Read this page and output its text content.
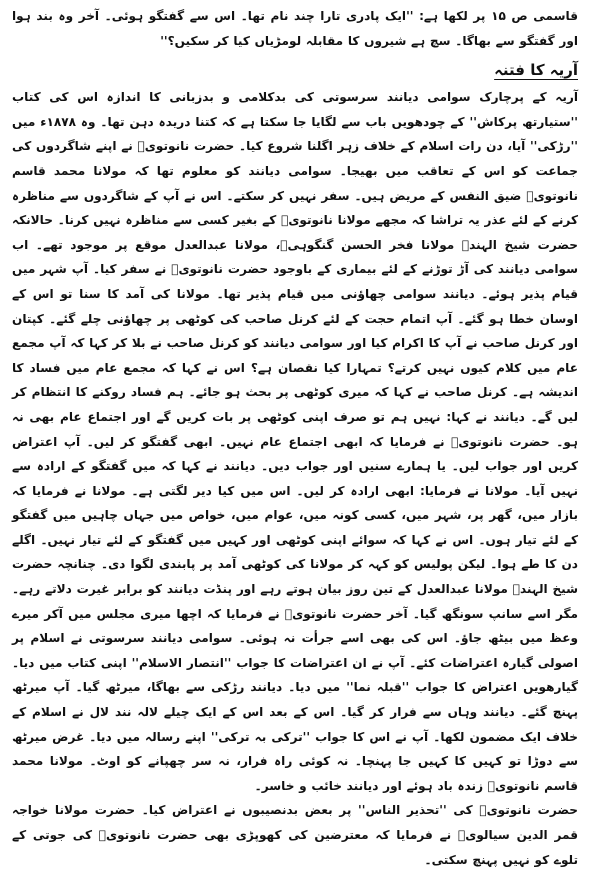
قاسمی ص ۱۵ پر لکھا ہے: ''ایک پادری تارا چند نام تھا۔ اس سے گفتگو ہوئی۔ آخر وہ بند ہوا اور گفتگو سے بھاگا۔ سچ ہے شیروں کا مقابلہ لومڑیاں کیا کر سکیں؟''

آریہ کا فتنہ

آریہ کے پرچارک سوامی دیانند سرسوتی کی بدکلامی و بدزبانی کا اندازہ اس کی کتاب ''ستیارتھ پرکاش'' کے چودھویں باب سے لگایا جا سکتا ہے کہ کتنا دریدہ دہن تھا۔ وہ ۱۸۷۸ء میں ''رڑکی'' آیا، دن رات اسلام کے خلاف زہر اگلنا شروع کیا۔ حضرت نانوتویؒ نے اپنے شاگردوں کی جماعت کو اس کے تعاقب میں بھیجا۔ سوامی دیانند کو معلوم تھا کہ مولانا محمد قاسم نانوتویؒ ضیق النفس کے مریض ہیں۔ سفر نہیں کر سکتے۔ اس نے آپ کے شاگردوں سے مناظرہ کرنے کے لئے عذر یہ تراشا کہ مجھے مولانا نانوتویؒ کے بغیر کسی سے مناظرہ نہیں کرنا۔ حالانکہ حضرت شیخ الہندؒ مولانا فخر الحسن گنگوہیؒ، مولانا عبدالعدل موقع پر موجود تھے۔ اب سوامی دیانند کی آڑ توڑنے کے لئے بیماری کے باوجود حضرت نانوتویؒ نے سفر کیا۔ آپ شہر میں قیام پذیر ہوئے۔ دیانند سوامی چھاؤنی میں قیام پذیر تھا۔ مولانا کی آمد کا سنا تو اس کے اوسان خطا ہو گئے۔ آپ اتمام حجت کے لئے کرنل صاحب کی کوٹھی پر چھاؤنی چلے گئے۔ کپتان اور کرنل صاحب نے آپ کا اکرام کیا اور سوامی دیانند کو کرنل صاحب نے بلا کر کہا کہ آپ مجمع عام میں کلام کیوں نہیں کرتے؟ تمہارا کیا نقصان ہے؟ اس نے کہا کہ مجمع عام میں فساد کا اندیشہ ہے۔ کرنل صاحب نے کہا کہ میری کوٹھی پر بحث ہو جائے۔ ہم فساد روکنے کا انتظام کر لیں گے۔ دیانند نے کہا: نہیں ہم تو صرف اپنی کوٹھی پر بات کریں گے اور اجتماع عام بھی نہ ہو۔ حضرت نانوتویؒ نے فرمایا کہ ابھی اجتماع عام نہیں۔ ابھی گفتگو کر لیں۔ آپ اعتراض کریں اور جواب لیں۔ یا ہمارے سنیں اور جواب دیں۔ دیانند نے کہا کہ میں گفتگو کے ارادہ سے نہیں آیا۔ مولانا نے فرمایا: ابھی ارادہ کر لیں۔ اس میں کیا دیر لگتی ہے۔ مولانا نے فرمایا کہ بازار میں، گھر پر، شہر میں، کسی کونہ میں، عوام میں، خواص میں جہاں چاہیں میں گفتگو کے لئے تیار ہوں۔ اس نے کہا کہ سوائے اپنی کوٹھی اور کہیں میں گفتگو کے لئے تیار نہیں۔ اگلے دن کا طے ہوا۔ لیکن پولیس کو کہہ کر مولانا کی کوٹھی آمد پر پابندی لگوا دی۔ چنانچہ حضرت شیخ الہندؒ مولانا عبدالعدل کے تین روز بیان ہوتے رہے اور پنڈت دیانند کو برابر غیرت دلاتے رہے۔ مگر اسے سانپ سونگھ گیا۔ آخر حضرت نانوتویؒ نے فرمایا کہ اچھا میری مجلس میں آکر میرے وعظ میں بیٹھ جاؤ۔ اس کی بھی اسے جرأت نہ ہوئی۔ سوامی دیانند سرسوتی نے اسلام پر اصولی گیارہ اعتراضات کئے۔ آپ نے ان اعتراضات کا جواب ''انتصار الاسلام'' اپنی کتاب میں دیا۔ گیارھویں اعتراض کا جواب ''قبلہ نما'' میں دیا۔ دیانند رڑکی سے بھاگا، میرٹھ گیا۔ آپ میرٹھ پہنچ گئے۔ دیانند وہاں سے فرار کر گیا۔ اس کے بعد اس کے ایک چیلے لالہ نند لال نے اسلام کے خلاف ایک مضمون لکھا۔ آپ نے اس کا جواب ''ترکی بہ ترکی'' اپنے رسالہ میں دیا۔ غرض میرٹھ سے دوڑا تو کہیں کا کہیں جا پہنچا۔ نہ کوئی راہ فرار، نہ سر چھپانے کو اوٹ۔ مولانا محمد قاسم نانوتویؒ زندہ باد ہوئے اور دیانند خائب و خاسر۔

حضرت نانوتویؒ کی ''تحذیر الناس'' پر بعض بدنصیبوں نے اعتراض کیا۔ حضرت مولانا خواجہ قمر الدین سیالویؒ نے فرمایا کہ معترضین کی کھوپڑی بھی حضرت نانوتویؒ کی جوتی کے تلوے کو نہیں پہنچ سکتی۔
